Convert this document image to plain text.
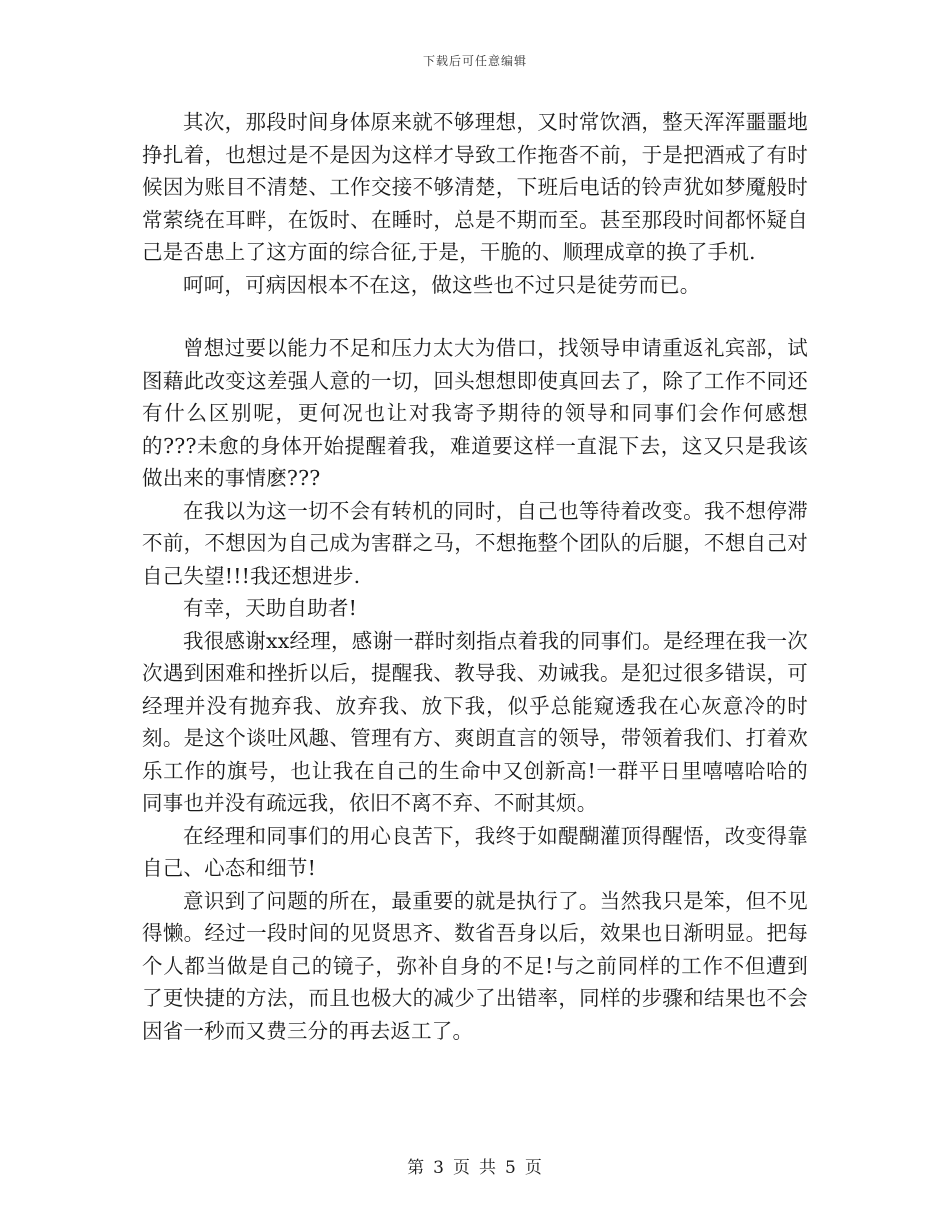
下载后可任意编辑

其次，那段时间身体原来就不够理想，又时常饮酒，整天浑浑噩噩地挣扎着，也想过是不是因为这样才导致工作拖沓不前，于是把酒戒了有时候因为账目不清楚、工作交接不够清楚，下班后电话的铃声犹如梦魇般时常萦绕在耳畔，在饭时、在睡时，总是不期而至。甚至那段时间都怀疑自己是否患上了这方面的综合征,于是，干脆的、顺理成章的换了手机.

呵呵，可病因根本不在这，做这些也不过只是徒劳而已。

曾想过要以能力不足和压力太大为借口，找领导申请重返礼宾部，试图藉此改变这差强人意的一切，回头想想即使真回去了，除了工作不同还有什么区别呢，更何况也让对我寄予期待的领导和同事们会作何感想的???未愈的身体开始提醒着我，难道要这样一直混下去，这又只是我该做出来的事情麽???

在我以为这一切不会有转机的同时，自己也等待着改变。我不想停滞不前，不想因为自己成为害群之马，不想拖整个团队的后腿，不想自己对自己失望!!!我还想进步.

有幸，天助自助者!

我很感谢xx经理，感谢一群时刻指点着我的同事们。是经理在我一次次遇到困难和挫折以后，提醒我、教导我、劝诫我。是犯过很多错误，可经理并没有抛弃我、放弃我、放下我，似乎总能窥透我在心灰意冷的时刻。是这个谈吐风趣、管理有方、爽朗直言的领导，带领着我们、打着欢乐工作的旗号，也让我在自己的生命中又创新高!一群平日里嘻嘻哈哈的同事也并没有疏远我，依旧不离不弃、不耐其烦。

在经理和同事们的用心良苦下，我终于如醍醐灌顶得醒悟，改变得靠自己、心态和细节!

意识到了问题的所在，最重要的就是执行了。当然我只是笨，但不见得懒。经过一段时间的见贤思齐、数省吾身以后，效果也日渐明显。把每个人都当做是自己的镜子，弥补自身的不足!与之前同样的工作不但遭到了更快捷的方法，而且也极大的减少了出错率，同样的步骤和结果也不会因省一秒而又费三分的再去返工了。

第 3 页 共 5 页
